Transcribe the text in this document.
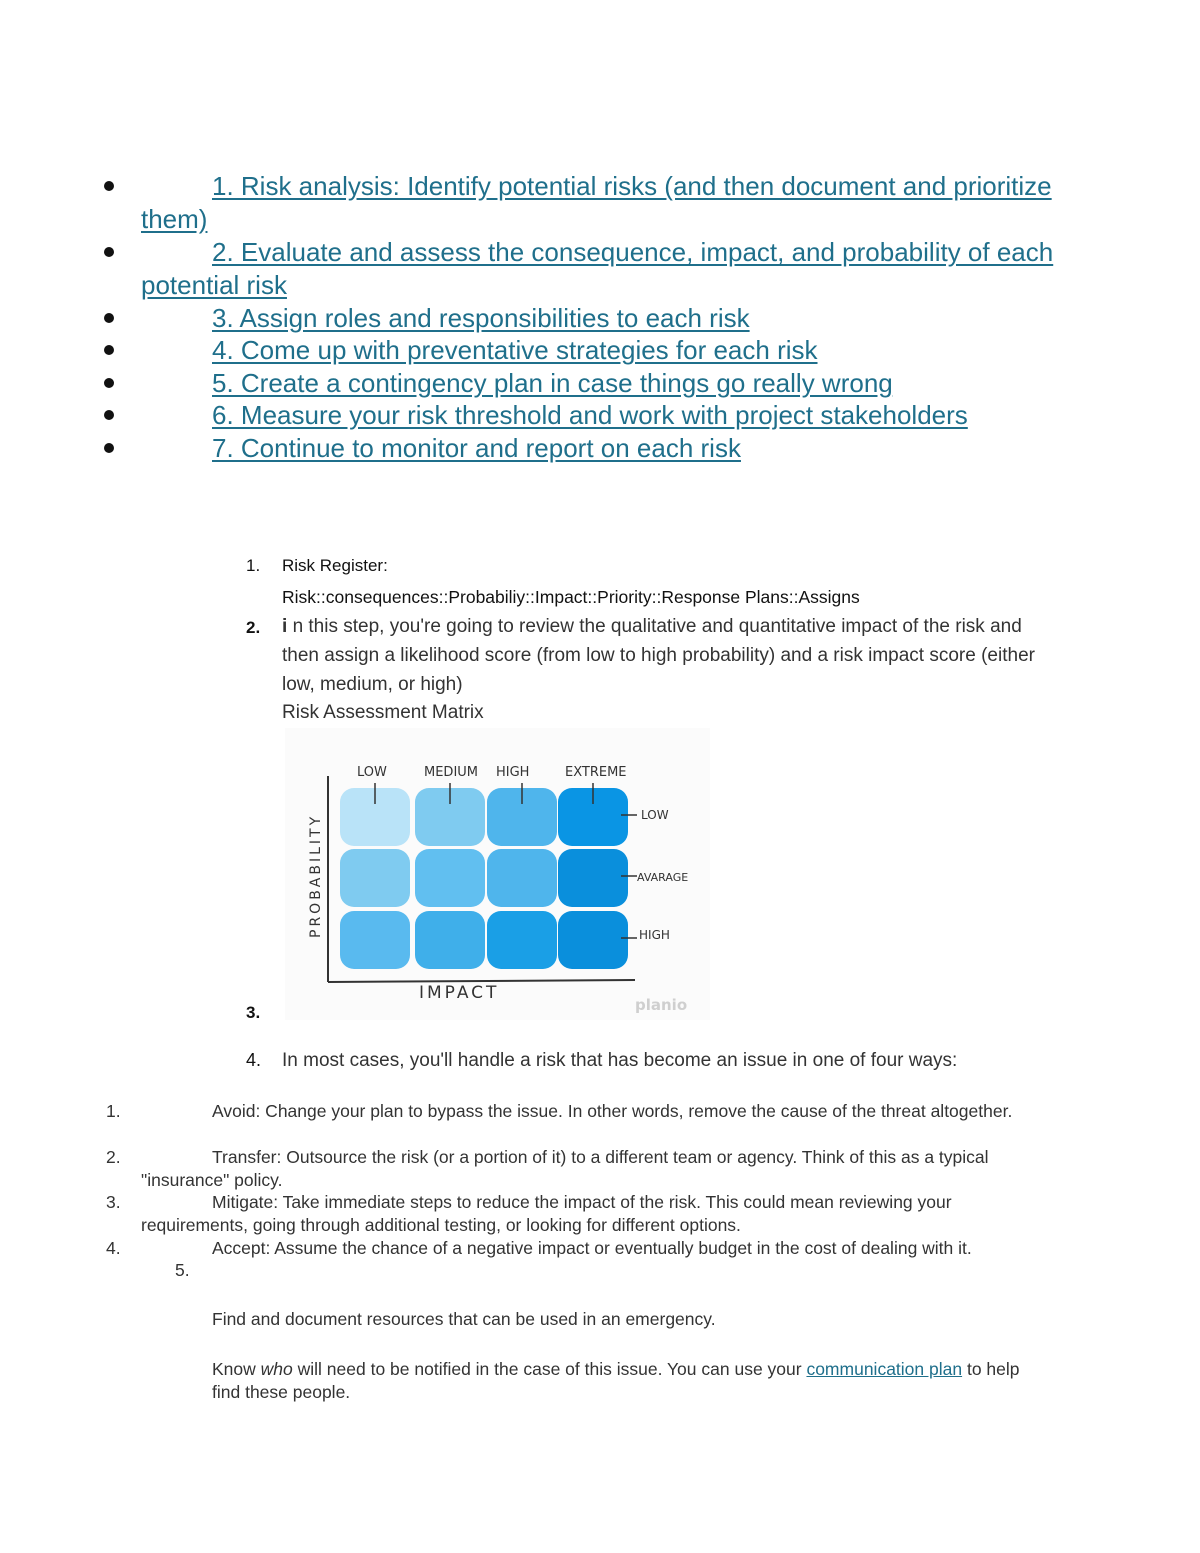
1. Risk analysis: Identify potential risks (and then document and prioritize them)
2. Evaluate and assess the consequence, impact, and probability of each potential risk
3. Assign roles and responsibilities to each risk
4. Come up with preventative strategies for each risk
5. Create a contingency plan in case things go really wrong
6. Measure your risk threshold and work with project stakeholders
7. Continue to monitor and report on each risk
1. Risk Register:
Risk::consequences::Probabiliy::Impact::Priority::Response Plans::Assigns
2. i n this step, you're going to review the qualitative and quantitative impact of the risk and then assign a likelihood score (from low to high probability) and a risk impact score (either low, medium, or high)
Risk Assessment Matrix
LOW	MEDIUM HIGH	EXTREME
LOW
AVARAGE
HIGH
IMPACT
PROBABILITY
planio
3.
4. In most cases, you'll handle a risk that has become an issue in one of four ways:
1.	Avoid: Change your plan to bypass the issue. In other words, remove the cause of the threat altogether.
2.	Transfer: Outsource the risk (or a portion of it) to a different team or agency. Think of this as a typical "insurance" policy.
3.	Mitigate: Take immediate steps to reduce the impact of the risk. This could mean reviewing your requirements, going through additional testing, or looking for different options.
4.	Accept: Assume the chance of a negative impact or eventually budget in the cost of dealing with it.
5.
Find and document resources that can be used in an emergency.
Know who will need to be notified in the case of this issue. You can use your communication plan to help find these people.
